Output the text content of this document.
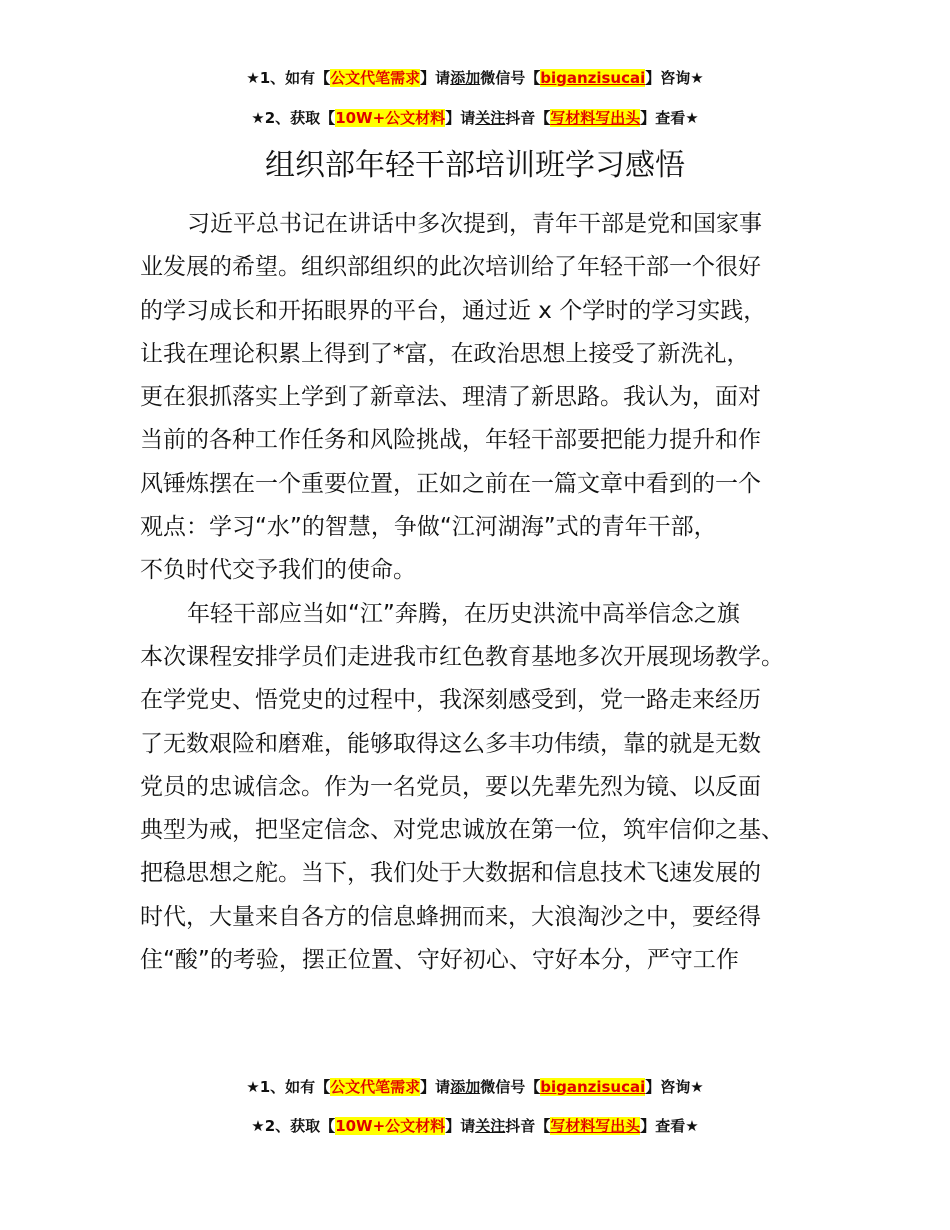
★1、如有【公文代笔需求】请添加微信号【biganzisucai】咨询★
★2、获取【10W+公文材料】请关注抖音【写材料写出头】查看★
组织部年轻干部培训班学习感悟
习近平总书记在讲话中多次提到，青年干部是党和国家事
业发展的希望。组织部组织的此次培训给了年轻干部一个很好
的学习成长和开拓眼界的平台，通过近 x 个学时的学习实践，
让我在理论积累上得到了*富，在政治思想上接受了新洗礼，
更在狠抓落实上学到了新章法、理清了新思路。我认为，面对
当前的各种工作任务和风险挑战，年轻干部要把能力提升和作
风锤炼摆在一个重要位置，正如之前在一篇文章中看到的一个
观点：学习“水”的智慧，争做“江河湖海”式的青年干部，
不负时代交予我们的使命。
年轻干部应当如“江”奔腾，在历史洪流中高举信念之旗
本次课程安排学员们走进我市红色教育基地多次开展现场教学。
在学党史、悟党史的过程中，我深刻感受到，党一路走来经历
了无数艰险和磨难，能够取得这么多丰功伟绩，靠的就是无数
党员的忠诚信念。作为一名党员，要以先辈先烈为镜、以反面
典型为戒，把坚定信念、对党忠诚放在第一位，筑牢信仰之基、
把稳思想之舵。当下，我们处于大数据和信息技术飞速发展的
时代，大量来自各方的信息蜂拥而来，大浪淘沙之中，要经得
住“酸”的考验，摆正位置、守好初心、守好本分，严守工作
★1、如有【公文代笔需求】请添加微信号【biganzisucai】咨询★
★2、获取【10W+公文材料】请关注抖音【写材料写出头】查看★
